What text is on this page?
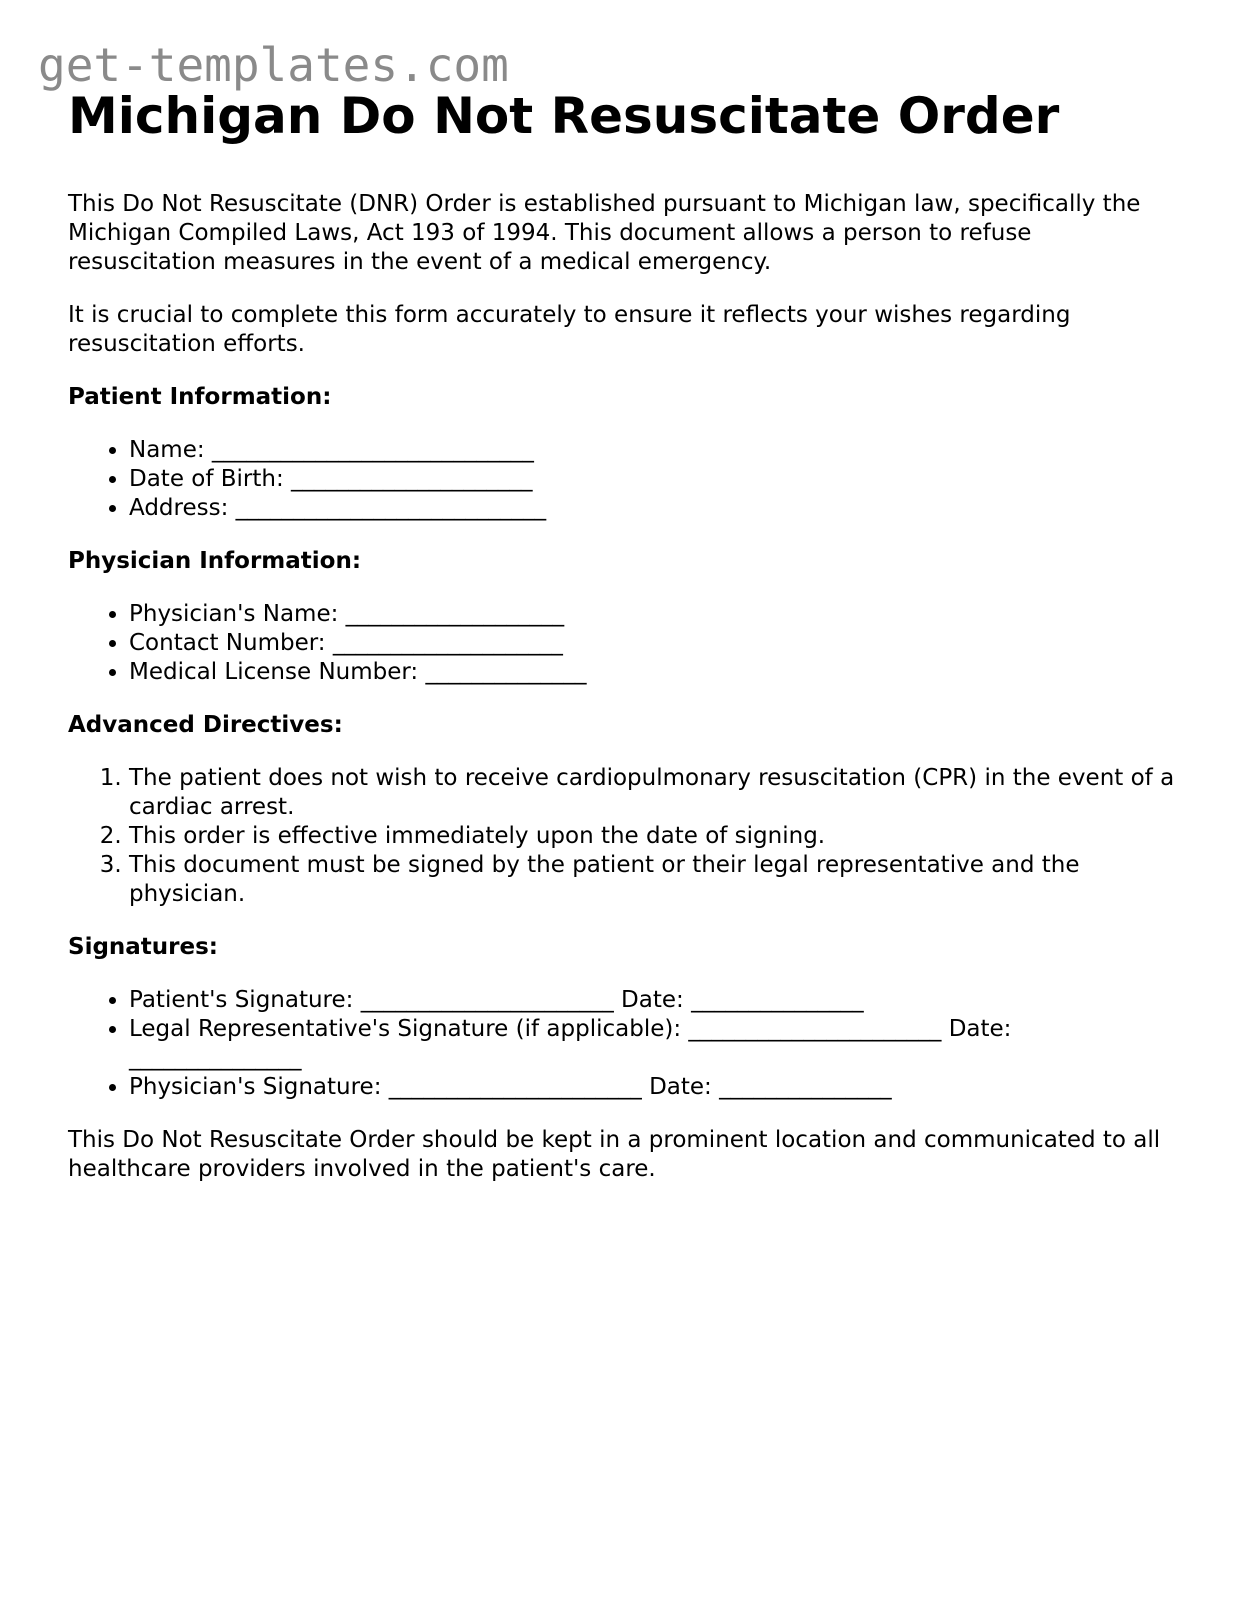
get-templates.com
Michigan Do Not Resuscitate Order

This Do Not Resuscitate (DNR) Order is established pursuant to Michigan law, specifically the Michigan Compiled Laws, Act 193 of 1994. This document allows a person to refuse resuscitation measures in the event of a medical emergency.

It is crucial to complete this form accurately to ensure it reflects your wishes regarding resuscitation efforts.

Patient Information:
• Name: ____________________________
• Date of Birth: _____________________
• Address: ___________________________
Physician Information:
• Physician's Name: ___________________
• Contact Number: ____________________
• Medical License Number: ______________
Advanced Directives:
1. The patient does not wish to receive cardiopulmonary resuscitation (CPR) in the event of a cardiac arrest.
2. This order is effective immediately upon the date of signing.
3. This document must be signed by the patient or their legal representative and the physician.
Signatures:
• Patient's Signature: ______________________ Date: _______________
• Legal Representative's Signature (if applicable): ______________________ Date: _______________
• Physician's Signature: ______________________ Date: _______________

This Do Not Resuscitate Order should be kept in a prominent location and communicated to all healthcare providers involved in the patient's care.
